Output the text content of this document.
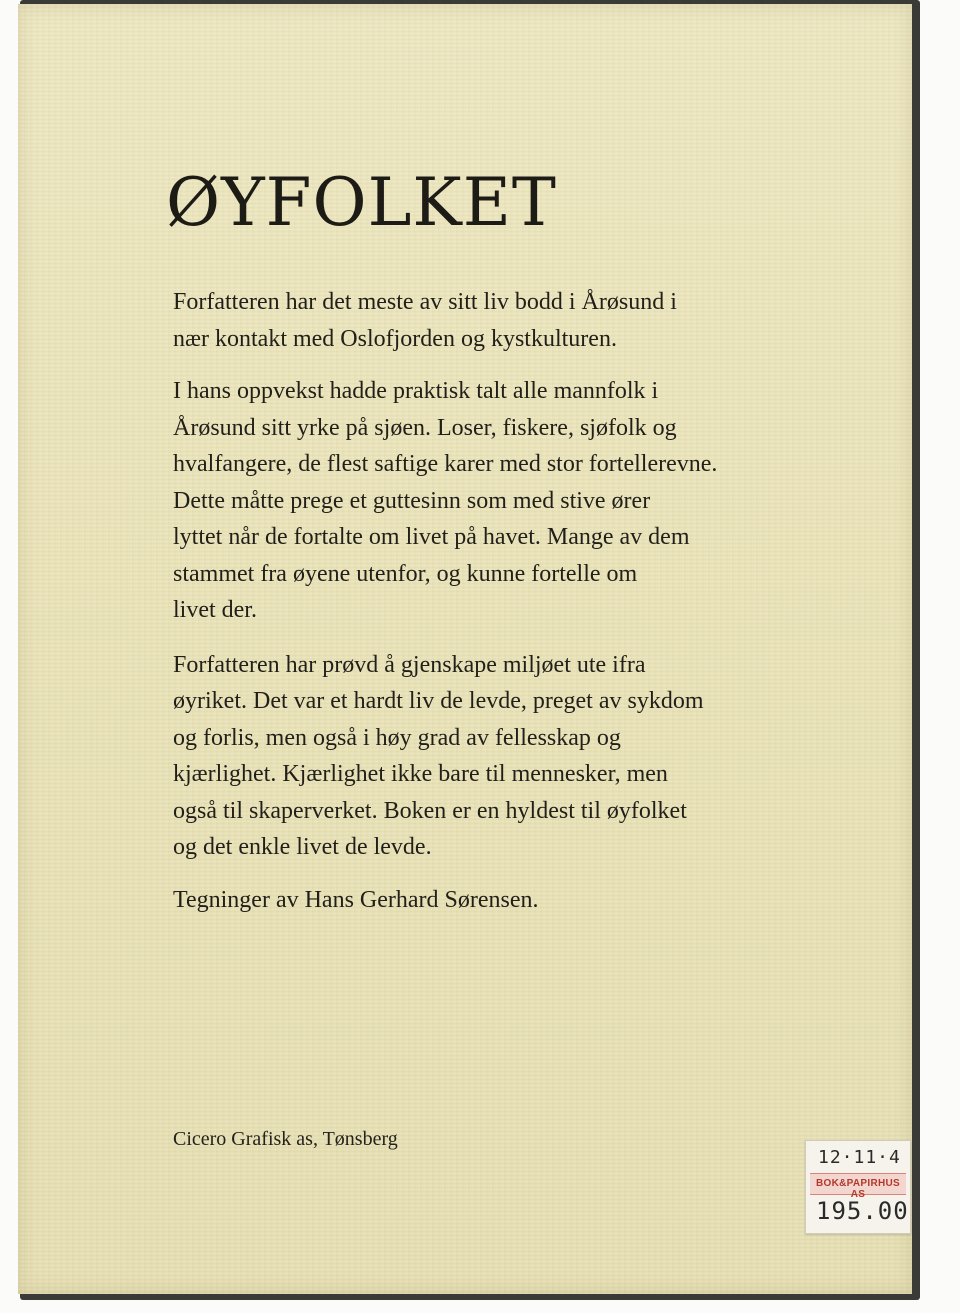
ØYFOLKET

Forfatteren har det meste av sitt liv bodd i Årøsund i
nær kontakt med Oslofjorden og kystkulturen.

I hans oppvekst hadde praktisk talt alle mannfolk i
Årøsund sitt yrke på sjøen. Loser, fiskere, sjøfolk og
hvalfangere, de flest saftige karer med stor fortellerevne.
Dette måtte prege et guttesinn som med stive ører
lyttet når de fortalte om livet på havet. Mange av dem
stammet fra øyene utenfor, og kunne fortelle om
livet der.

Forfatteren har prøvd å gjenskape miljøet ute ifra
øyriket. Det var et hardt liv de levde, preget av sykdom
og forlis, men også i høy grad av fellesskap og
kjærlighet. Kjærlighet ikke bare til mennesker, men
også til skaperverket. Boken er en hyldest til øyfolket
og det enkle livet de levde.

Tegninger av Hans Gerhard Sørensen.

Cicero Grafisk as, Tønsberg
12·11·4
BOK&PAPIRHUS AS
195.00
